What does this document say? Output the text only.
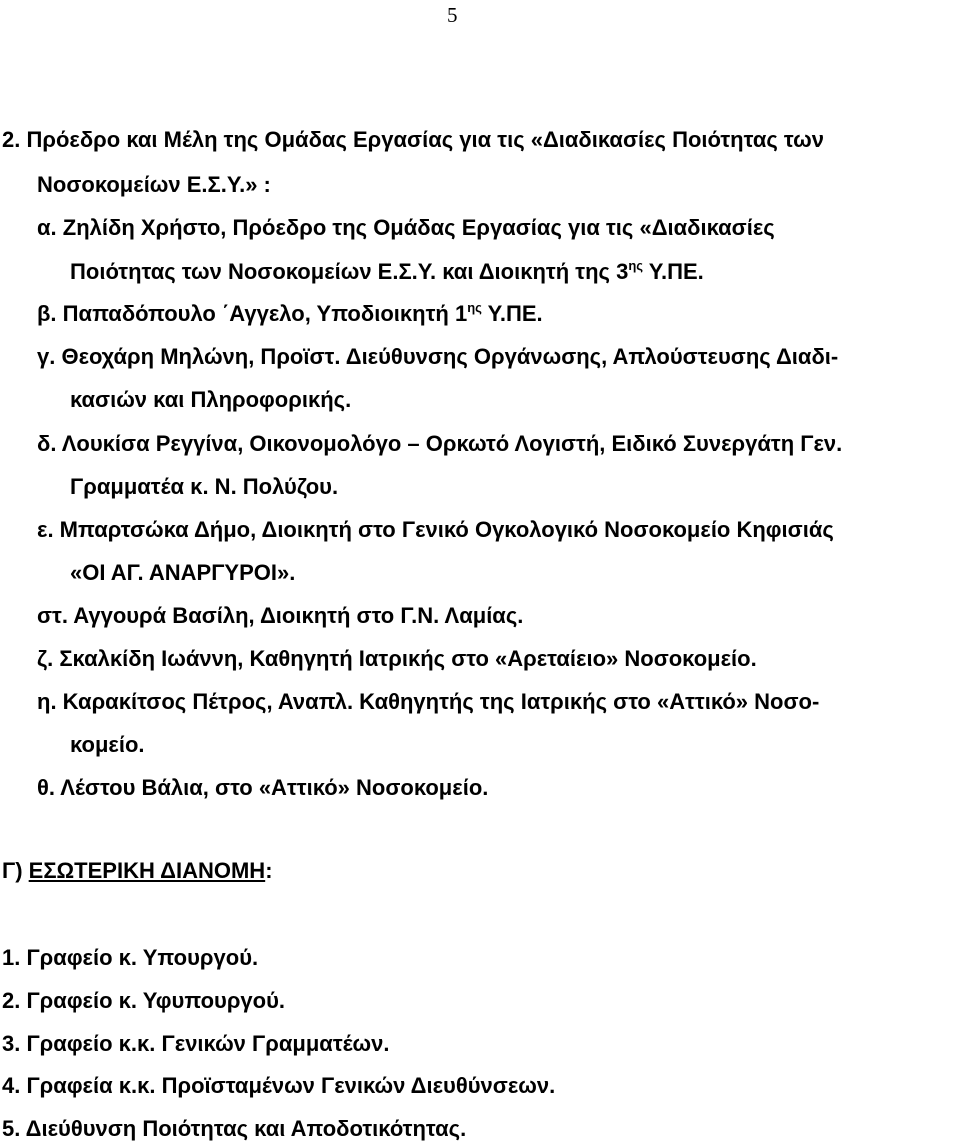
5
2. Πρόεδρο και Μέλη της Ομάδας Εργασίας για τις «Διαδικασίες Ποιότητας των
Νοσοκομείων Ε.Σ.Υ.» :
α. Ζηλίδη Χρήστο, Πρόεδρο της Ομάδας Εργασίας για τις «Διαδικασίες
Ποιότητας των Νοσοκομείων Ε.Σ.Υ. και Διοικητή της $3^{\eta\varsigma}$ Υ.ΠΕ.
β. Παπαδόπουλο ΄Αγγελο, Υποδιοικητή $1^{\eta\varsigma}$ Υ.ΠΕ.
γ. Θεοχάρη Μηλώνη, Προϊστ. Διεύθυνσης Οργάνωσης, Απλούστευσης Διαδι-
κασιών και Πληροφορικής.
δ. Λουκίσα Ρεγγίνα, Οικονομολόγο – Ορκωτό Λογιστή, Ειδικό Συνεργάτη Γεν.
Γραμματέα κ. Ν. Πολύζου.
ε. Μπαρτσώκα Δήμο, Διοικητή στο Γενικό Ογκολογικό Νοσοκομείο Κηφισιάς
«ΟΙ ΑΓ. ΑΝΑΡΓΥΡΟΙ».
στ. Αγγουρά Βασίλη, Διοικητή στο Γ.Ν. Λαμίας.
ζ. Σκαλκίδη Ιωάννη, Καθηγητή Ιατρικής στο «Αρεταίειο» Νοσοκομείο.
η. Καρακίτσος Πέτρος, Αναπλ. Καθηγητής της Ιατρικής στο «Αττικό» Νοσο-
κομείο.
θ. Λέστου Βάλια, στο «Αττικό» Νοσοκομείο.
Γ) ΕΣΩΤΕΡΙΚΗ ΔΙΑΝΟΜΗ:
1. Γραφείο κ. Υπουργού.
2. Γραφείο κ. Υφυπουργού.
3. Γραφείο κ.κ. Γενικών Γραμματέων.
4. Γραφεία κ.κ. Προϊσταμένων Γενικών Διευθύνσεων.
5. Διεύθυνση Ποιότητας και Αποδοτικότητας.
